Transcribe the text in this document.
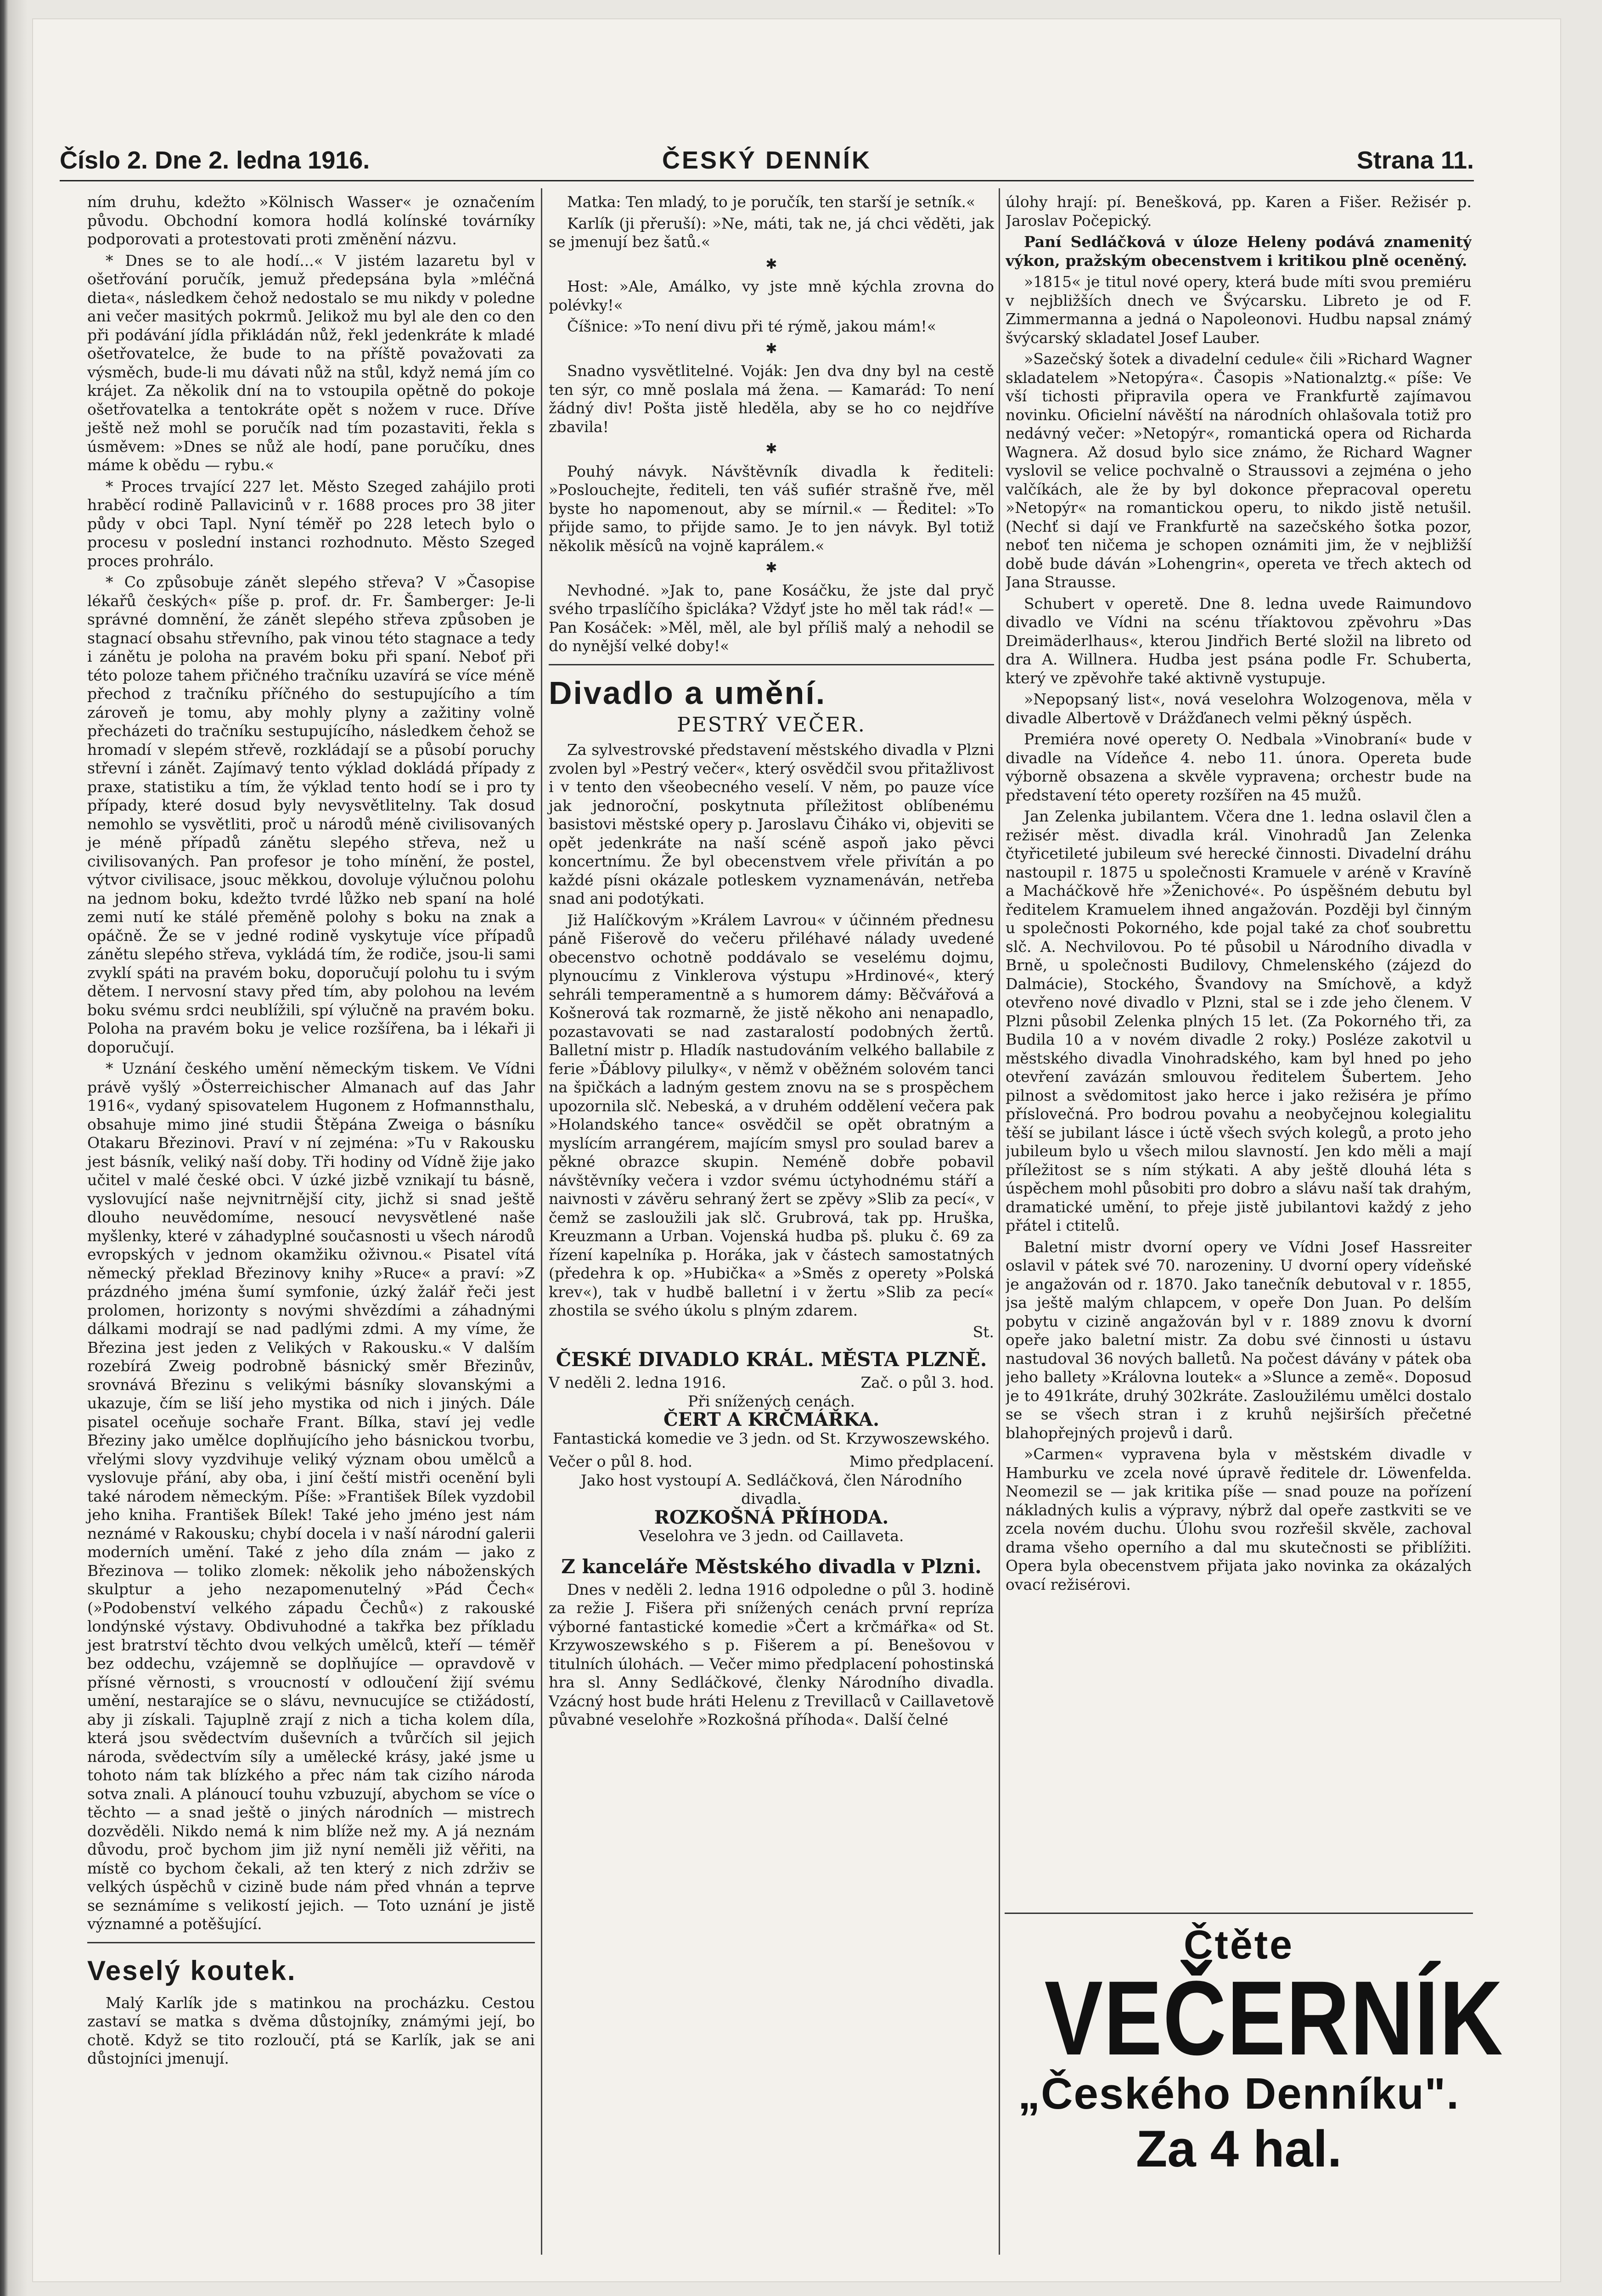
Číslo 2. Dne 2. ledna 1916.	ČESKÝ DENNÍK	Strana 11.

ním druhu, kdežto »Kölnisch Wasser« je označením původu. Obchodní komora hodlá kolínské továrníky podporovati a protestovati proti změnění názvu.

* Dnes se to ale hodí...« V jistém lazaretu byl v ošetřování poručík, jemuž předepsána byla »mléčná dieta«, následkem čehož nedostalo se mu nikdy v poledne ani večer masitých pokrmů. Jelikož mu byl ale den co den při podávání jídla přikládán nůž, řekl jedenkráte k mladé ošetřovatelce, že bude to na příště považovati za výsměch, bude-li mu dávati nůž na stůl, když nemá jím co krájet. Za několik dní na to vstoupila opětně do pokoje ošetřovatelka a tentokráte opět s nožem v ruce. Dříve ještě než mohl se poručík nad tím pozastaviti, řekla s úsměvem: »Dnes se nůž ale hodí, pane poručíku, dnes máme k obědu — rybu.«

* Proces trvající 227 let. Město Szeged zahájilo proti hraběcí rodině Pallavicinů v r. 1688 proces pro 38 jiter půdy v obci Tapl. Nyní téměř po 228 letech bylo o procesu v poslední instanci rozhodnuto. Město Szeged proces prohrálo.

* Co způsobuje zánět slepého střeva? V »Časopise lékařů českých« píše p. prof. dr. Fr. Šamberger: Je-li správné domnění, že zánět slepého střeva způsoben je stagnací obsahu střevního, pak vinou této stagnace a tedy i zánětu je poloha na pravém boku při spaní. Neboť při této poloze tahem přičného tračníku uzavírá se více méně přechod z tračníku příčného do sestupujícího a tím zároveň je tomu, aby mohly plyny a zažitiny volně přecházeti do tračníku sestupujícího, následkem čehož se hromadí v slepém střevě, rozkládají se a působí poruchy střevní i zánět. Zajímavý tento výklad dokládá případy z praxe, statistiku a tím, že výklad tento hodí se i pro ty případy, které dosud byly nevysvětlitelny. Tak dosud nemohlo se vysvětliti, proč u národů méně civilisovaných je méně případů zánětu slepého střeva, než u civilisovaných. Pan profesor je toho mínění, že postel, výtvor civilisace, jsouc měkkou, dovoluje výlučnou polohu na jednom boku, kdežto tvrdé lůžko neb spaní na holé zemi nutí ke stálé přeměně polohy s boku na znak a opáčně. Že se v jedné rodině vyskytuje více případů zánětu slepého střeva, vykládá tím, že rodiče, jsou-li sami zvyklí spáti na pravém boku, doporučují polohu tu i svým dětem. I nervosní stavy před tím, aby polohou na levém boku svému srdci neublížili, spí výlučně na pravém boku. Poloha na pravém boku je velice rozšířena, ba i lékaři ji doporučují.

* Uznání českého umění německým tiskem. Ve Vídni právě vyšlý »Österreichischer Almanach auf das Jahr 1916«, vydaný spisovatelem Hugonem z Hofmannsthalu, obsahuje mimo jiné studii Štěpána Zweiga o básníku Otakaru Březinovi. Praví v ní zejména: »Tu v Rakousku jest básník, veliký naší doby. Tři hodiny od Vídně žije jako učitel v malé české obci. V úzké jizbě vznikají tu básně, vyslovující naše nejvnitrnější city, jichž si snad ještě dlouho neuvědomíme, nesoucí nevysvětlené naše myšlenky, které v záhadyplné současnosti u všech národů evropských v jednom okamžiku oživnou.« Pisatel vítá německý překlad Březinovy knihy »Ruce« a praví: »Z prázdného jména šumí symfonie, úzký žalář řeči jest prolomen, horizonty s novými shvězdími a záhadnými dálkami modrají se nad padlými zdmi. A my víme, že Březina jest jeden z Velikých v Rakousku.« V dalším rozebírá Zweig podrobně básnický směr Březinův, srovnává Březinu s velikými básníky slovanskými a ukazuje, čím se liší jeho mystika od nich i jiných. Dále pisatel oceňuje sochaře Frant. Bílka, staví jej vedle Březiny jako umělce doplňujícího jeho básnickou tvorbu, vřelými slovy vyzdvihuje veliký význam obou umělců a vyslovuje přání, aby oba, i jiní čeští mistři ocenění byli také národem německým. Píše: »František Bílek vyzdobil jeho kniha. František Bílek! Také jeho jméno jest nám neznámé v Rakousku; chybí docela i v naší národní galerii moderních umění. Také z jeho díla znám — jako z Březinova — toliko zlomek: několik jeho náboženských skulptur a jeho nezapomenutelný »Pád Čech« (»Podobenství velkého západu Čechů«) z rakouské londýnské výstavy. Obdivuhodné a takřka bez příkladu jest bratrství těchto dvou velkých umělců, kteří — téměř bez oddechu, vzájemně se doplňujíce — opravdově v přísné věrnosti, s vroucností v odloučení žijí svému umění, nestarajíce se o slávu, nevnucujíce se ctižádostí, aby ji získali. Tajuplně zrají z nich a ticha kolem díla, která jsou svědectvím duševních a tvůrčích sil jejich národa, svědectvím síly a umělecké krásy, jaké jsme u tohoto nám tak blízkého a přec nám tak cizího národa sotva znali. A plánoucí touhu vzbuzují, abychom se více o těchto — a snad ještě o jiných národních — mistrech dozvěděli. Nikdo nemá k nim blíže než my. A já neznám důvodu, proč bychom jim již nyní neměli již věřiti, na místě co bychom čekali, až ten který z nich zdrživ se velkých úspěchů v cizině bude nám před vhnán a teprve se seznámíme s velikostí jejich. — Toto uznání je jistě významné a potěšující.

Veselý koutek.

Malý Karlík jde s matinkou na procházku. Cestou zastaví se matka s dvěma důstojníky, známými její, bo chotě. Když se tito rozloučí, ptá se Karlík, jak se ani důstojníci jmenují.

Matka: Ten mladý, to je poručík, ten starší je setník.«

Karlík (ji přeruší): »Ne, máti, tak ne, já chci věděti, jak se jmenují bez šatů.«

✱

Host: »Ale, Amálko, vy jste mně kýchla zrovna do polévky!«

Číšnice: »To není divu při té rýmě, jakou mám!«

✱

Snadno vysvětlitelné. Voják: Jen dva dny byl na cestě ten sýr, co mně poslala má žena. — Kamarád: To není žádný div! Pošta jistě hleděla, aby se ho co nejdříve zbavila!

✱

Pouhý návyk. Návštěvník divadla k řediteli: »Poslouchejte, řediteli, ten váš sufiér strašně řve, měl byste ho napomenout, aby se mírnil.« — Ředitel: »To přijde samo, to přijde samo. Je to jen návyk. Byl totiž několik měsíců na vojně kaprálem.«

✱

Nevhodné. »Jak to, pane Kosáčku, že jste dal pryč svého trpaslíčího špicláka? Vždyť jste ho měl tak rád!« — Pan Kosáček: »Měl, měl, ale byl příliš malý a nehodil se do nynější velké doby!«

Divadlo a umění.
PESTRÝ VEČER.

Za sylvestrovské představení městského divadla v Plzni zvolen byl »Pestrý večer«, který osvědčil svou přitažlivost i v tento den všeobecného veselí. V něm, po pauze více jak jednoroční, poskytnuta příležitost oblíbenému basistovi městské opery p. Jaroslavu Čiháko vi, objeviti se opět jedenkráte na naší scéně aspoň jako pěvci koncertnímu. Že byl obecenstvem vřele přivítán a po každé písni okázale potleskem vyznamenáván, netřeba snad ani podotýkati.

Již Halíčkovým »Králem Lavrou« v účinném přednesu páně Fišerově do večeru přiléhavé nálady uvedené obecenstvo ochotně poddávalo se veselému dojmu, plynoucímu z Vinklerova výstupu »Hrdinové«, který sehráli temperamentně a s humorem dámy: Běčvářová a Košnerová tak rozmarně, že jistě někoho ani nenapadlo, pozastavovati se nad zastaralostí podobných žertů. Balletní mistr p. Hladík nastudováním velkého ballabile z ferie »Ďáblovy pilulky«, v němž v oběžném solovém tanci na špičkách a ladným gestem znovu na se s prospěchem upozornila slč. Nebeská, a v druhém oddělení večera pak »Holandského tance« osvědčil se opět obratným a myslícím arrangérem, majícím smysl pro soulad barev a pěkné obrazce skupin. Neméně dobře pobavil návštěvníky večera i vzdor svému úctyhodnému stáří a naivnosti v závěru sehraný žert se zpěvy »Slib za pecí«, v čemž se zasloužili jak slč. Grubrová, tak pp. Hruška, Kreuzmann a Urban. Vojenská hudba pš. pluku č. 69 za řízení kapelníka p. Horáka, jak v částech samostatných (předehra k op. »Hubička« a »Směs z operety »Polská krev«), tak v hudbě balletní i v žertu »Slib za pecí« zhostila se svého úkolu s plným zdarem.

St.
ČESKÉ DIVADLO KRÁL. MĚSTA PLZNĚ.
V neděli 2. ledna 1916.	Zač. o půl 3. hod.
Při snížených cenách.
ČERT A KRČMÁŘKA.
Fantastická komedie ve 3 jedn. od St. Krzywoszewského.
Večer o půl 8. hod.	Mimo předplacení.
Jako host vystoupí A. Sedláčková, člen Národního divadla.
ROZKOŠNÁ PŘÍHODA.
Veselohra ve 3 jedn. od Caillaveta.
Z kanceláře Městského divadla v Plzni.

Dnes v neděli 2. ledna 1916 odpoledne o půl 3. hodině za režie J. Fišera při snížených cenách první repríza výborné fantastické komedie »Čert a krčmářka« od St. Krzywoszewského s p. Fišerem a pí. Benešovou v titulních úlohách. — Večer mimo předplacení pohostinská hra sl. Anny Sedláčkové, členky Národního divadla. Vzácný host bude hráti Helenu z Trevillaců v Caillavetově půvabné veselohře »Rozkošná příhoda«. Další čelné

úlohy hrají: pí. Benešková, pp. Karen a Fišer. Režisér p. Jaroslav Počepický.

Paní Sedláčková v úloze Heleny podává znamenitý výkon, pražským obecenstvem i kritikou plně oceněný.

»1815« je titul nové opery, která bude míti svou premiéru v nejbližších dnech ve Švýcarsku. Libreto je od F. Zimmermanna a jedná o Napoleonovi. Hudbu napsal známý švýcarský skladatel Josef Lauber.

»Sazečský šotek a divadelní cedule« čili »Richard Wagner skladatelem »Netopýra«. Časopis »Nationalztg.« píše: Ve vší tichosti připravila opera ve Frankfurtě zajímavou novinku. Oficielní návěští na národních ohlašovala totiž pro nedávný večer: »Netopýr«, romantická opera od Richarda Wagnera. Až dosud bylo sice známo, že Richard Wagner vyslovil se velice pochvalně o Straussovi a zejména o jeho valčíkách, ale že by byl dokonce přepracoval operetu »Netopýr« na romantickou operu, to nikdo jistě netušil. (Nechť si dají ve Frankfurtě na sazečského šotka pozor, neboť ten ničema je schopen oznámiti jim, že v nejbližší době bude dáván »Lohengrin«, opereta ve třech aktech od Jana Strausse.

Schubert v operetě. Dne 8. ledna uvede Raimundovo divadlo ve Vídni na scénu tříaktovou zpěvohru »Das Dreimäderlhaus«, kterou Jindřich Berté složil na libreto od dra A. Willnera. Hudba jest psána podle Fr. Schuberta, který ve zpěvohře také aktivně vystupuje.

»Nepopsaný list«, nová veselohra Wolzogenova, měla v divadle Albertově v Drážďanech velmi pěkný úspěch.

Premiéra nové operety O. Nedbala »Vinobraní« bude v divadle na Vídeňce 4. nebo 11. února. Opereta bude výborně obsazena a skvěle vypravena; orchestr bude na představení této operety rozšířen na 45 mužů.

Jan Zelenka jubilantem. Včera dne 1. ledna oslavil člen a režisér měst. divadla král. Vinohradů Jan Zelenka čtyřicetileté jubileum své herecké činnosti. Divadelní dráhu nastoupil r. 1875 u společnosti Kramuele v aréně v Kravíně a Macháčkově hře »Ženichové«. Po úspěšném debutu byl ředitelem Kramuelem ihned angažován. Později byl činným u společnosti Pokorného, kde pojal také za choť soubrettu slč. A. Nechvilovou. Po té působil u Národního divadla v Brně, u společnosti Budilovy, Chmelenského (zájezd do Dalmácie), Stockého, Švandovy na Smíchově, a když otevřeno nové divadlo v Plzni, stal se i zde jeho členem. V Plzni působil Zelenka plných 15 let. (Za Pokorného tři, za Budila 10 a v novém divadle 2 roky.) Posléze zakotvil u městského divadla Vinohradského, kam byl hned po jeho otevření zavázán smlouvou ředitelem Šubertem. Jeho pilnost a svědomitost jako herce i jako režiséra je přímo příslovečná. Pro bodrou povahu a neobyčejnou kolegialitu těší se jubilant lásce i úctě všech svých kolegů, a proto jeho jubileum bylo u všech milou slavností. Jen kdo měli a mají příležitost se s ním stýkati. A aby ještě dlouhá léta s úspěchem mohl působiti pro dobro a slávu naší tak drahým, dramatické umění, to přeje jistě jubilantovi každý z jeho přátel i ctitelů.

Baletní mistr dvorní opery ve Vídni Josef Hassreiter oslavil v pátek své 70. narozeniny. U dvorní opery vídeňské je angažován od r. 1870. Jako tanečník debutoval v r. 1855, jsa ještě malým chlapcem, v opeře Don Juan. Po delším pobytu v cizině angažován byl v r. 1889 znovu k dvorní opeře jako baletní mistr. Za dobu své činnosti u ústavu nastudoval 36 nových balletů. Na počest dávány v pátek oba jeho ballety »Královna loutek« a »Slunce a země«. Doposud je to 491kráte, druhý 302kráte. Zasloužilému umělci dostalo se se všech stran i z kruhů nejširších přečetné blahopřejných projevů i darů.

»Carmen« vypravena byla v městském divadle v Hamburku ve zcela nové úpravě ředitele dr. Löwenfelda. Neomezil se — jak kritika píše — snad pouze na pořízení nákladných kulis a výpravy, nýbrž dal opeře zastkviti se ve zcela novém duchu. Úlohu svou rozřešil skvěle, zachoval drama všeho operního a dal mu skutečnosti se přiblížiti. Opera byla obecenstvem přijata jako novinka za okázalých ovací režisérovi.

Čtěte
VEČERNÍK
„Českého Denníku".
Za 4 hal.
